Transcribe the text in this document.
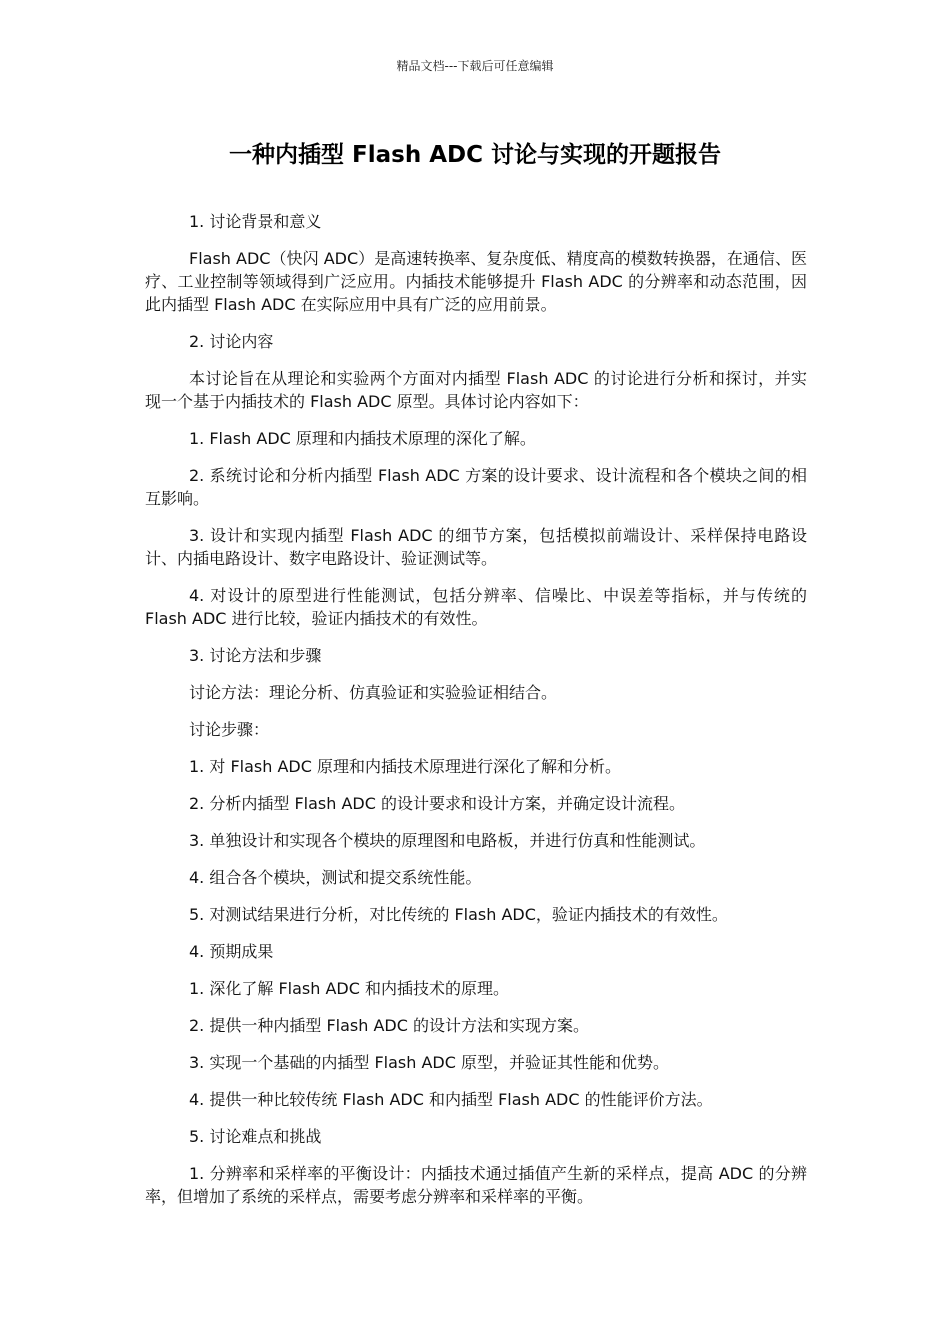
精品文档---下载后可任意编辑
一种内插型 Flash ADC 讨论与实现的开题报告

1. 讨论背景和意义

Flash ADC（快闪 ADC）是高速转换率、复杂度低、精度高的模数转换器，在通信、医疗、工业控制等领域得到广泛应用。内插技术能够提升 Flash ADC 的分辨率和动态范围，因此内插型 Flash ADC 在实际应用中具有广泛的应用前景。

2. 讨论内容

本讨论旨在从理论和实验两个方面对内插型 Flash ADC 的讨论进行分析和探讨，并实现一个基于内插技术的 Flash ADC 原型。具体讨论内容如下：

1. Flash ADC 原理和内插技术原理的深化了解。

2. 系统讨论和分析内插型 Flash ADC 方案的设计要求、设计流程和各个模块之间的相互影响。

3. 设计和实现内插型 Flash ADC 的细节方案，包括模拟前端设计、采样保持电路设计、内插电路设计、数字电路设计、验证测试等。

4. 对设计的原型进行性能测试，包括分辨率、信噪比、中误差等指标，并与传统的 Flash ADC 进行比较，验证内插技术的有效性。

3. 讨论方法和步骤

讨论方法：理论分析、仿真验证和实验验证相结合。

讨论步骤：

1. 对 Flash ADC 原理和内插技术原理进行深化了解和分析。

2. 分析内插型 Flash ADC 的设计要求和设计方案，并确定设计流程。

3. 单独设计和实现各个模块的原理图和电路板，并进行仿真和性能测试。

4. 组合各个模块，测试和提交系统性能。

5. 对测试结果进行分析，对比传统的 Flash ADC，验证内插技术的有效性。

4. 预期成果

1. 深化了解 Flash ADC 和内插技术的原理。

2. 提供一种内插型 Flash ADC 的设计方法和实现方案。

3. 实现一个基础的内插型 Flash ADC 原型，并验证其性能和优势。

4. 提供一种比较传统 Flash ADC 和内插型 Flash ADC 的性能评价方法。

5. 讨论难点和挑战

1. 分辨率和采样率的平衡设计：内插技术通过插值产生新的采样点，提高 ADC 的分辨率，但增加了系统的采样点，需要考虑分辨率和采样率的平衡。
